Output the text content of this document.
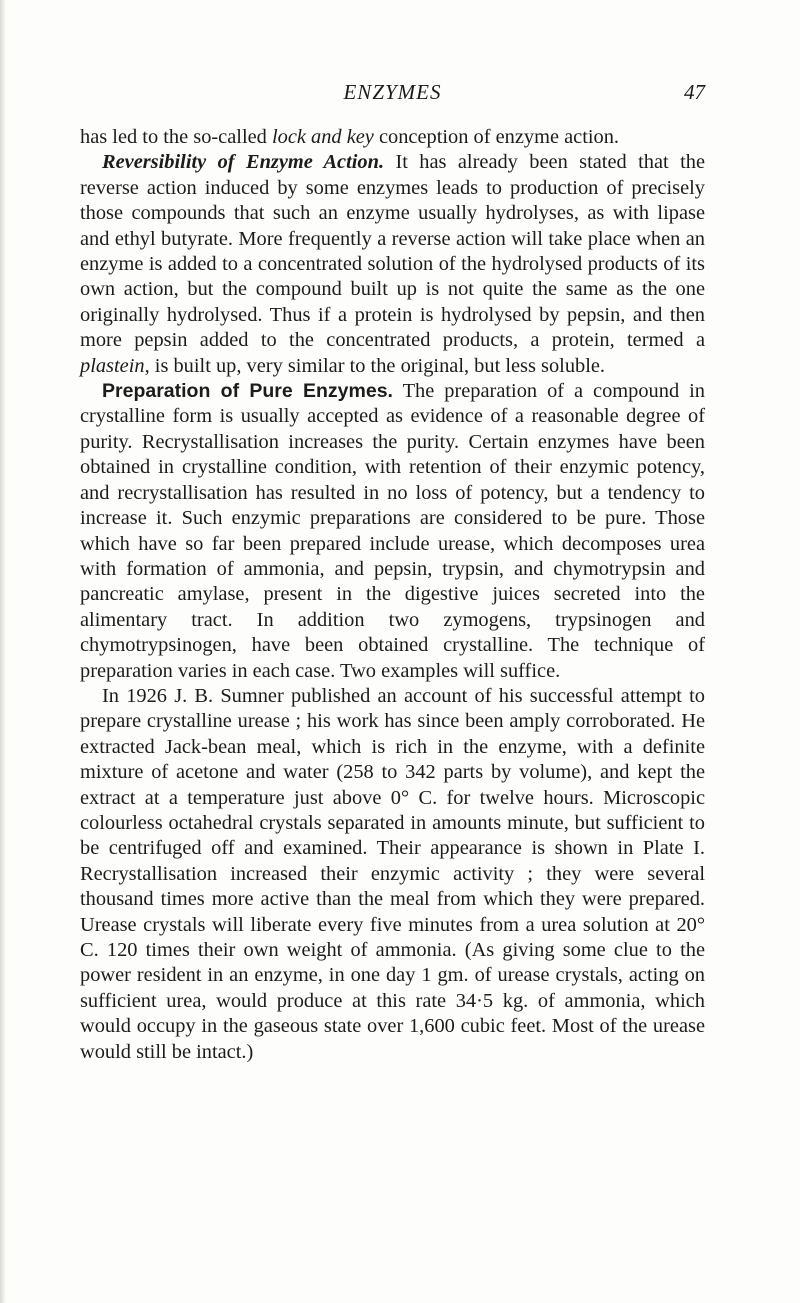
ENZYMES	47

has led to the so-called lock and key conception of enzyme action.

Reversibility of Enzyme Action. It has already been stated that the reverse action induced by some enzymes leads to production of precisely those compounds that such an enzyme usually hydrolyses, as with lipase and ethyl butyrate. More frequently a reverse action will take place when an enzyme is added to a concentrated solution of the hydrolysed products of its own action, but the compound built up is not quite the same as the one originally hydrolysed. Thus if a protein is hydrolysed by pepsin, and then more pepsin added to the concentrated products, a protein, termed a plastein, is built up, very similar to the original, but less soluble.

Preparation of Pure Enzymes. The preparation of a compound in crystalline form is usually accepted as evidence of a reasonable degree of purity. Recrystallisation increases the purity. Certain enzymes have been obtained in crystalline condition, with retention of their enzymic potency, and recrystallisation has resulted in no loss of potency, but a tendency to increase it. Such enzymic preparations are considered to be pure. Those which have so far been prepared include urease, which decomposes urea with formation of ammonia, and pepsin, trypsin, and chymotrypsin and pancreatic amylase, present in the digestive juices secreted into the alimentary tract. In addition two zymogens, trypsinogen and chymotrypsinogen, have been obtained crystalline. The technique of preparation varies in each case. Two examples will suffice.

In 1926 J. B. Sumner published an account of his successful attempt to prepare crystalline urease ; his work has since been amply corroborated. He extracted Jack-bean meal, which is rich in the enzyme, with a definite mixture of acetone and water (258 to 342 parts by volume), and kept the extract at a temperature just above 0° C. for twelve hours. Microscopic colourless octahedral crystals separated in amounts minute, but sufficient to be centrifuged off and examined. Their appearance is shown in Plate I. Recrystallisation increased their enzymic activity ; they were several thousand times more active than the meal from which they were prepared. Urease crystals will liberate every five minutes from a urea solution at 20° C. 120 times their own weight of ammonia. (As giving some clue to the power resident in an enzyme, in one day 1 gm. of urease crystals, acting on sufficient urea, would produce at this rate 34·5 kg. of ammonia, which would occupy in the gaseous state over 1,600 cubic feet. Most of the urease would still be intact.)
